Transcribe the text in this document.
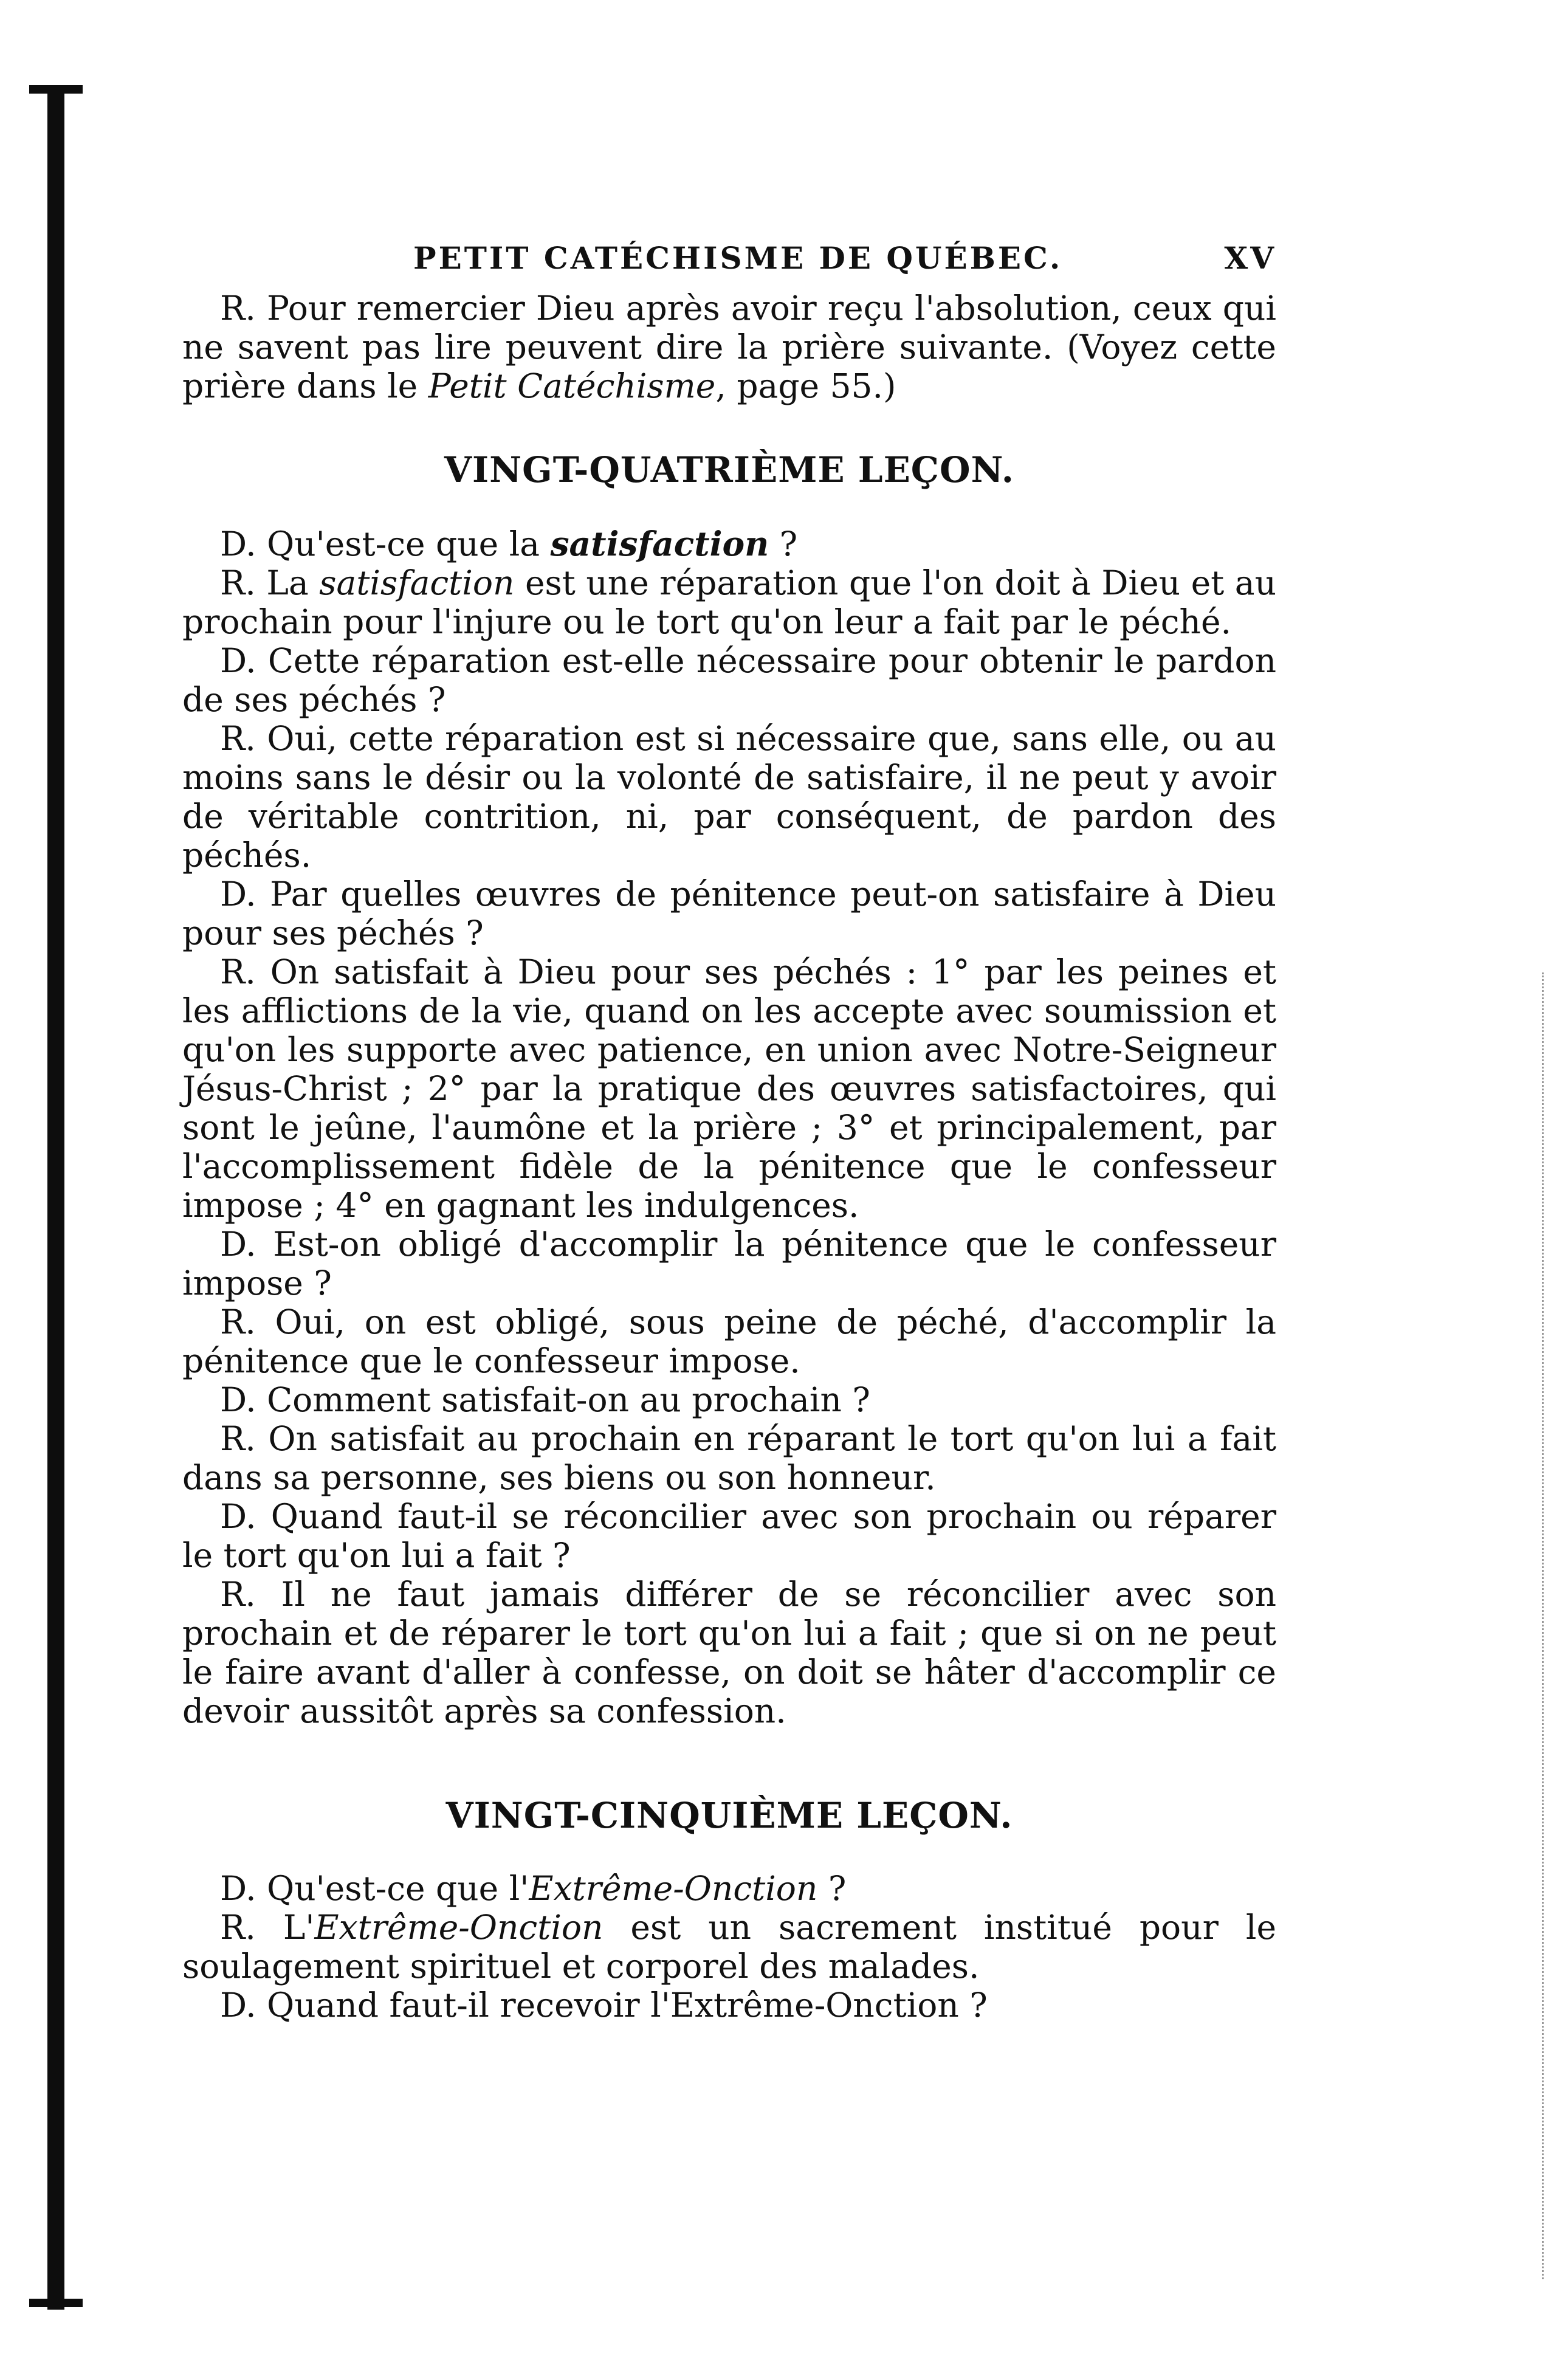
PETIT CATÉCHISME DE QUÉBEC.	XV

R. Pour remercier Dieu après avoir reçu l'absolution, ceux qui ne savent pas lire peuvent dire la prière suivante. (Voyez cette prière dans le Petit Catéchisme, page 55.)

VINGT-QUATRIÈME LEÇON.

D. Qu'est-ce que la satisfaction ?

R. La satisfaction est une réparation que l'on doit à Dieu et au prochain pour l'injure ou le tort qu'on leur a fait par le péché.

D. Cette réparation est-elle nécessaire pour obtenir le pardon de ses péchés ?

R. Oui, cette réparation est si nécessaire que, sans elle, ou au moins sans le désir ou la volonté de satisfaire, il ne peut y avoir de véritable contrition, ni, par conséquent, de pardon des péchés.

D. Par quelles œuvres de pénitence peut-on satisfaire à Dieu pour ses péchés ?

R. On satisfait à Dieu pour ses péchés : 1° par les peines et les afflictions de la vie, quand on les accepte avec soumission et qu'on les supporte avec patience, en union avec Notre-Seigneur Jésus-Christ ; 2° par la pratique des œuvres satisfactoires, qui sont le jeûne, l'aumône et la prière ; 3° et principalement, par l'accomplissement fidèle de la pénitence que le confesseur impose ; 4° en gagnant les indulgences.

D. Est-on obligé d'accomplir la pénitence que le confesseur impose ?

R. Oui, on est obligé, sous peine de péché, d'accomplir la pénitence que le confesseur impose.

D. Comment satisfait-on au prochain ?

R. On satisfait au prochain en réparant le tort qu'on lui a fait dans sa personne, ses biens ou son honneur.

D. Quand faut-il se réconcilier avec son prochain ou réparer le tort qu'on lui a fait ?

R. Il ne faut jamais différer de se réconcilier avec son prochain et de réparer le tort qu'on lui a fait ; que si on ne peut le faire avant d'aller à confesse, on doit se hâter d'accomplir ce devoir aussitôt après sa confession.

VINGT-CINQUIÈME LEÇON.

D. Qu'est-ce que l'Extrême-Onction ?

R. L'Extrême-Onction est un sacrement institué pour le soulagement spirituel et corporel des malades.

D. Quand faut-il recevoir l'Extrême-Onction ?
